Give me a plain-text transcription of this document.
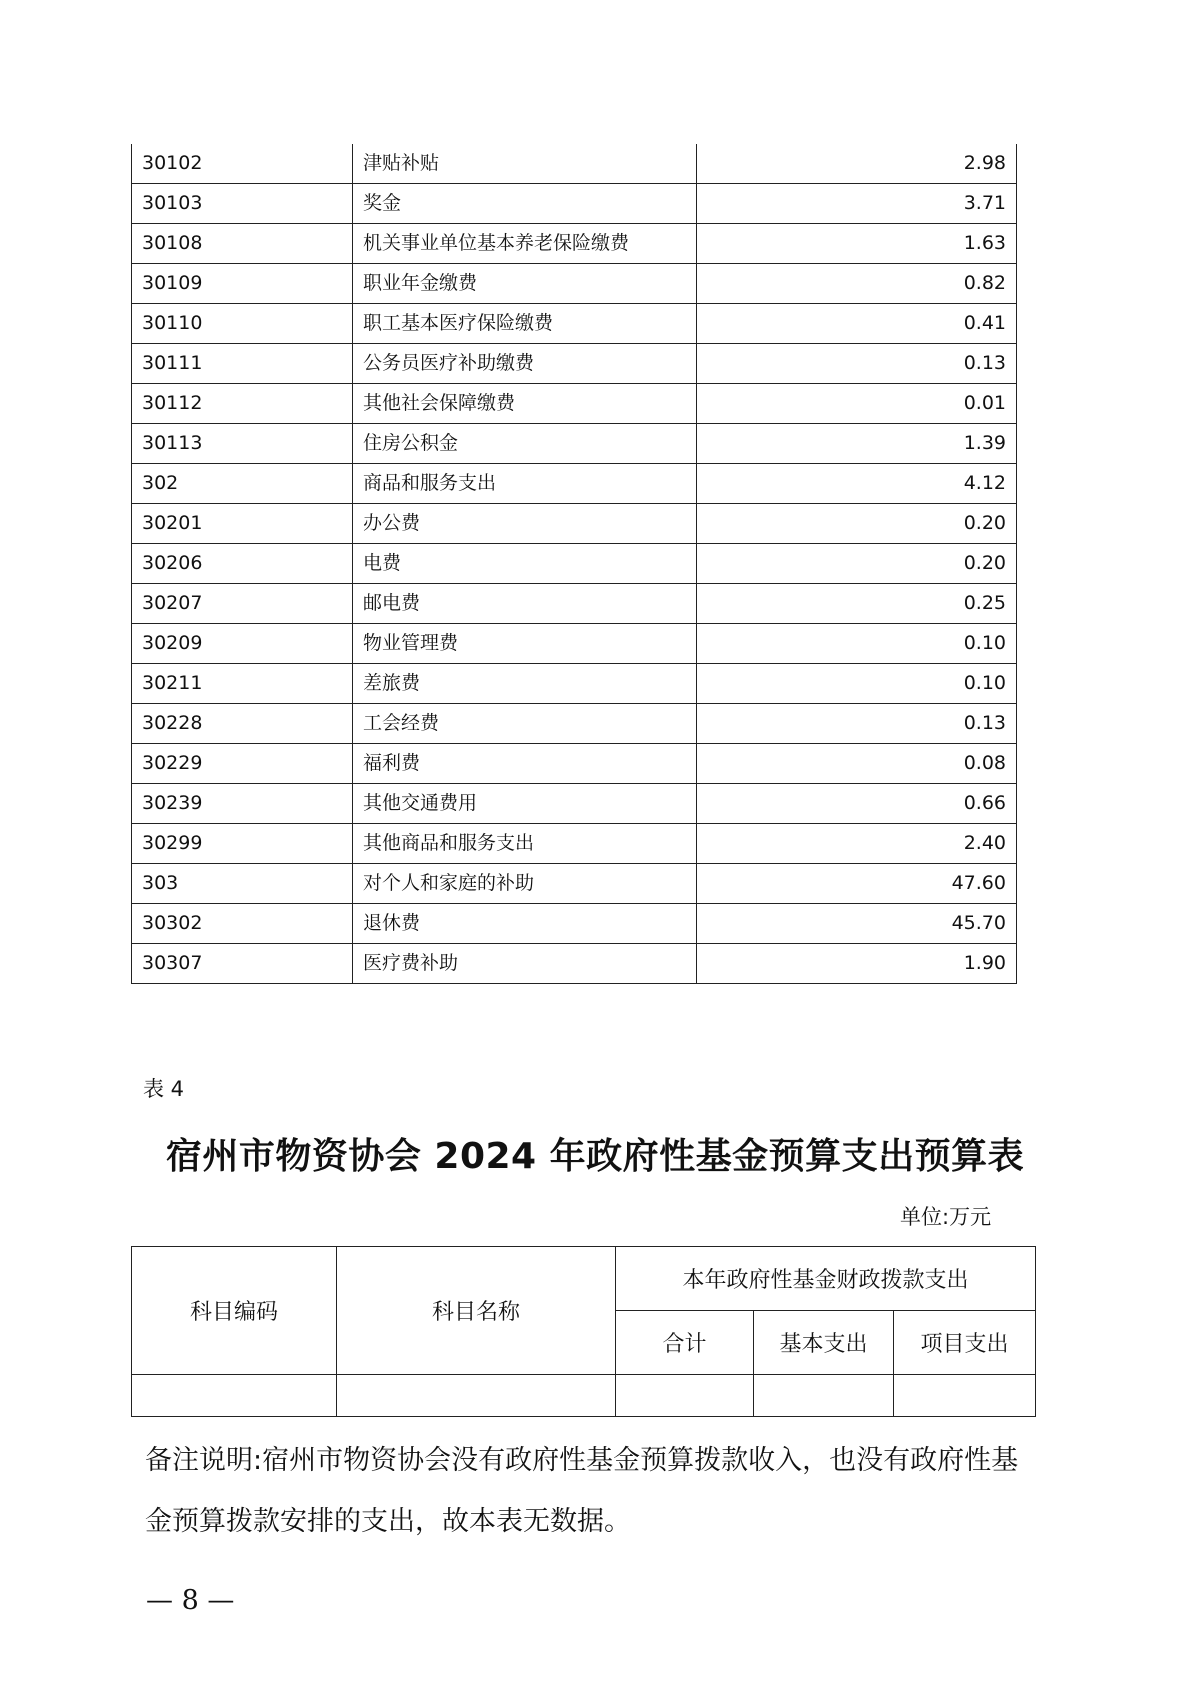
30102	津贴补贴	2.98
30103	奖金	3.71
30108	机关事业单位基本养老保险缴费	1.63
30109	职业年金缴费	0.82
30110	职工基本医疗保险缴费	0.41
30111	公务员医疗补助缴费	0.13
30112	其他社会保障缴费	0.01
30113	住房公积金	1.39
302	商品和服务支出	4.12
30201	办公费	0.20
30206	电费	0.20
30207	邮电费	0.25
30209	物业管理费	0.10
30211	差旅费	0.10
30228	工会经费	0.13
30229	福利费	0.08
30239	其他交通费用	0.66
30299	其他商品和服务支出	2.40
303	对个人和家庭的补助	47.60
30302	退休费	45.70
30307	医疗费补助	1.90
表 4
宿州市物资协会 2024 年政府性基金预算支出预算表
单位:万元
科目编码	科目名称	本年政府性基金财政拨款支出		
		合计	基本支出	项目支出

备注说明:宿州市物资协会没有政府性基金预算拨款收入，也没有政府性基金预算拨款安排的支出，故本表无数据。
— 8 —
